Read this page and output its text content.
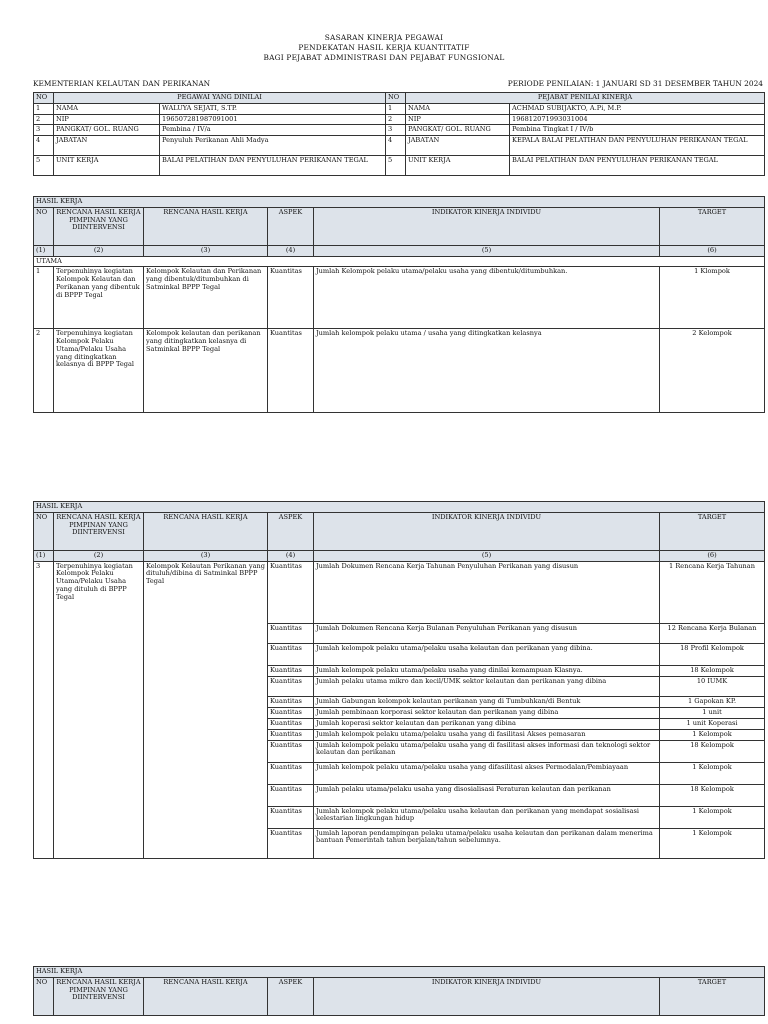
SASARAN KINERJA PEGAWAI
PENDEKATAN HASIL KERJA KUANTITATIF
BAGI PEJABAT ADMINISTRASI DAN PEJABAT FUNGSIONAL
KEMENTERIAN KELAUTAN DAN PERIKANAN	PERIODE PENILAIAN: 1 JANUARI SD 31 DESEMBER TAHUN 2024
NO	PEGAWAI YANG DINILAI		NO	PEJABAT PENILAI KINERJA	
1	NAMA	WALUYA SEJATI, S.TP.	1	NAMA	ACHMAD SUBIJAKTO, A.Pi, M.P.
2	NIP	196507281987091001	2	NIP	196812071993031004
3	PANGKAT/ GOL. RUANG	Pembina / IV/a	3	PANGKAT/ GOL. RUANG	Pembina Tingkat I / IV/b
4	JABATAN	Penyuluh Perikanan Ahli Madya	4	JABATAN	KEPALA BALAI PELATIHAN DAN PENYULUHAN PERIKANAN TEGAL
5	UNIT KERJA	BALAI PELATIHAN DAN PENYULUHAN PERIKANAN TEGAL	5	UNIT KERJA	BALAI PELATIHAN DAN PENYULUHAN PERIKANAN TEGAL
HASIL KERJA					
NO	RENCANA HASIL KERJA PIMPINAN YANG DIINTERVENSI	RENCANA HASIL KERJA	ASPEK	INDIKATOR KINERJA INDIVIDU	TARGET
(1)	(2)	(3)	(4)	(5)	(6)
UTAMA					
1	Terpenuhinya kegiatan Kelompok Kelautan dan Perikanan yang dibentuk di BPPP Tegal	Kelompok Kelautan dan Perikanan yang dibentuk/ditumbuhkan di Satminkal BPPP Tegal	Kuantitas	Jumlah Kelompok pelaku utama/pelaku usaha yang dibentuk/ditumbuhkan.	1 Klompok
2	Terpenuhinya kegiatan Kelompok Pelaku Utama/Pelaku Usaha yang ditingkatkan kelasnya di BPPP Tegal	Kelompok kelautan dan perikanan yang ditingkatkan kelasnya di Satminkal BPPP Tegal	Kuantitas	Jumlah kelompok pelaku utama / usaha yang ditingkatkan kelasnya	2 Kelompok
HASIL KERJA					
NO	RENCANA HASIL KERJA PIMPINAN YANG DIINTERVENSI	RENCANA HASIL KERJA	ASPEK	INDIKATOR KINERJA INDIVIDU	TARGET
(1)	(2)	(3)	(4)	(5)	(6)
3	Terpenuhinya kegiatan Kelompok Pelaku Utama/Pelaku Usaha yang dituluh di BPPP Tegal	Kelompok Kelautan Perikanan yang dituluh/dibina di Satminkal BPPP Tegal	Kuantitas	Jumlah Dokumen Rencana Kerja Tahunan Penyuluhan Perikanan yang disusun	1 Rencana Kerja Tahunan
			Kuantitas	Jumlah Dokumen Rencana Kerja Bulanan Penyuluhan Perikanan yang disusun	12 Rencana Kerja Bulanan
			Kuantitas	Jumlah kelompok pelaku utama/pelaku usaha kelautan dan perikanan yang dibina.	18 Profil Kelompok
			Kuantitas	Jumlah kelompok pelaku utama/pelaku usaha yang dinilai kemampuan Klasnya.	18 Kelompok
			Kuantitas	Jumlah pelaku utama mikro dan kecil/UMK sektor kelautan dan perikanan yang dibina	10 IUMK
			Kuantitas	Jumlah Gabungan kelompok kelautan perikanan yang di Tumbuhkan/di Bentuk	1 Gapokan KP.
			Kuantitas	Jumlah pembinaan korporasi sektor kelautan dan perikanan yang dibina	1 unit
			Kuantitas	Jumlah koperasi sektor kelautan dan perikanan yang dibina	1 unit Koperasi
			Kuantitas	Jumlah kelompok pelaku utama/pelaku usaha yang di fasilitasi Akses pemasaran	1 Kelompok
			Kuantitas	Jumlah kelompok pelaku utama/pelaku usaha yang di fasilitasi akses informasi dan teknologi sektor kelautan dan perikanan	18 Kelompok
			Kuantitas	Jumlah kelompok pelaku utama/pelaku usaha yang difasilitasi akses Permodalan/Pembiayaan	1 Kelompok
			Kuantitas	Jumlah pelaku utama/pelaku usaha yang disosialisasi Peraturan kelautan dan perikanan	18 Kelompok
			Kuantitas	Jumlah kelompok pelaku utama/pelaku usaha kelautan dan perikanan yang mendapat sosialisasi kelestarian lingkungan hidup	1 Kelompok
			Kuantitas	Jumlah laporan pendampingan pelaku utama/pelaku usaha kelautan dan perikanan dalam menerima bantuan Pemerintah tahun berjalan/tahun sebelumnya.	1 Kelompok
HASIL KERJA
NO	RENCANA HASIL KERJA PIMPINAN YANG DIINTERVENSI	RENCANA HASIL KERJA	ASPEK	INDIKATOR KINERJA INDIVIDU	TARGET
